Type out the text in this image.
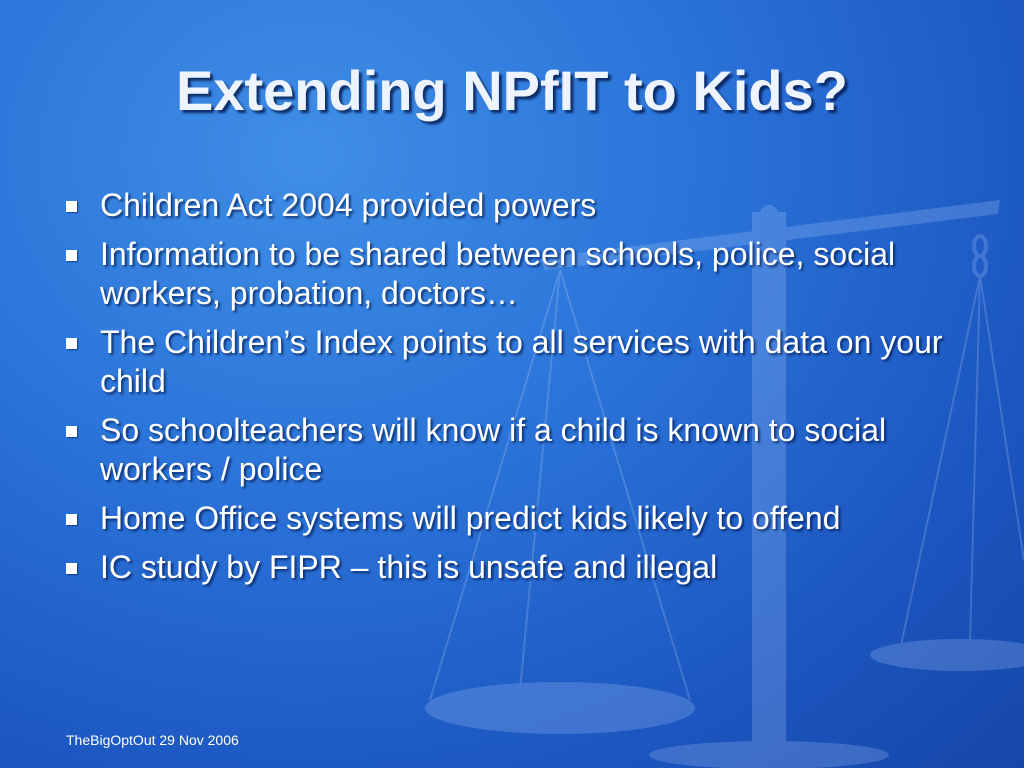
Extending NPfIT to Kids?
Children Act 2004 provided powers
Information to be shared between schools, police, social workers, probation, doctors…
The Children’s Index points to all services with data on your child
So schoolteachers will know if a child is known to social workers / police
Home Office systems will predict kids likely to offend
IC study by FIPR – this is unsafe and illegal
TheBigOptOut 29 Nov 2006
